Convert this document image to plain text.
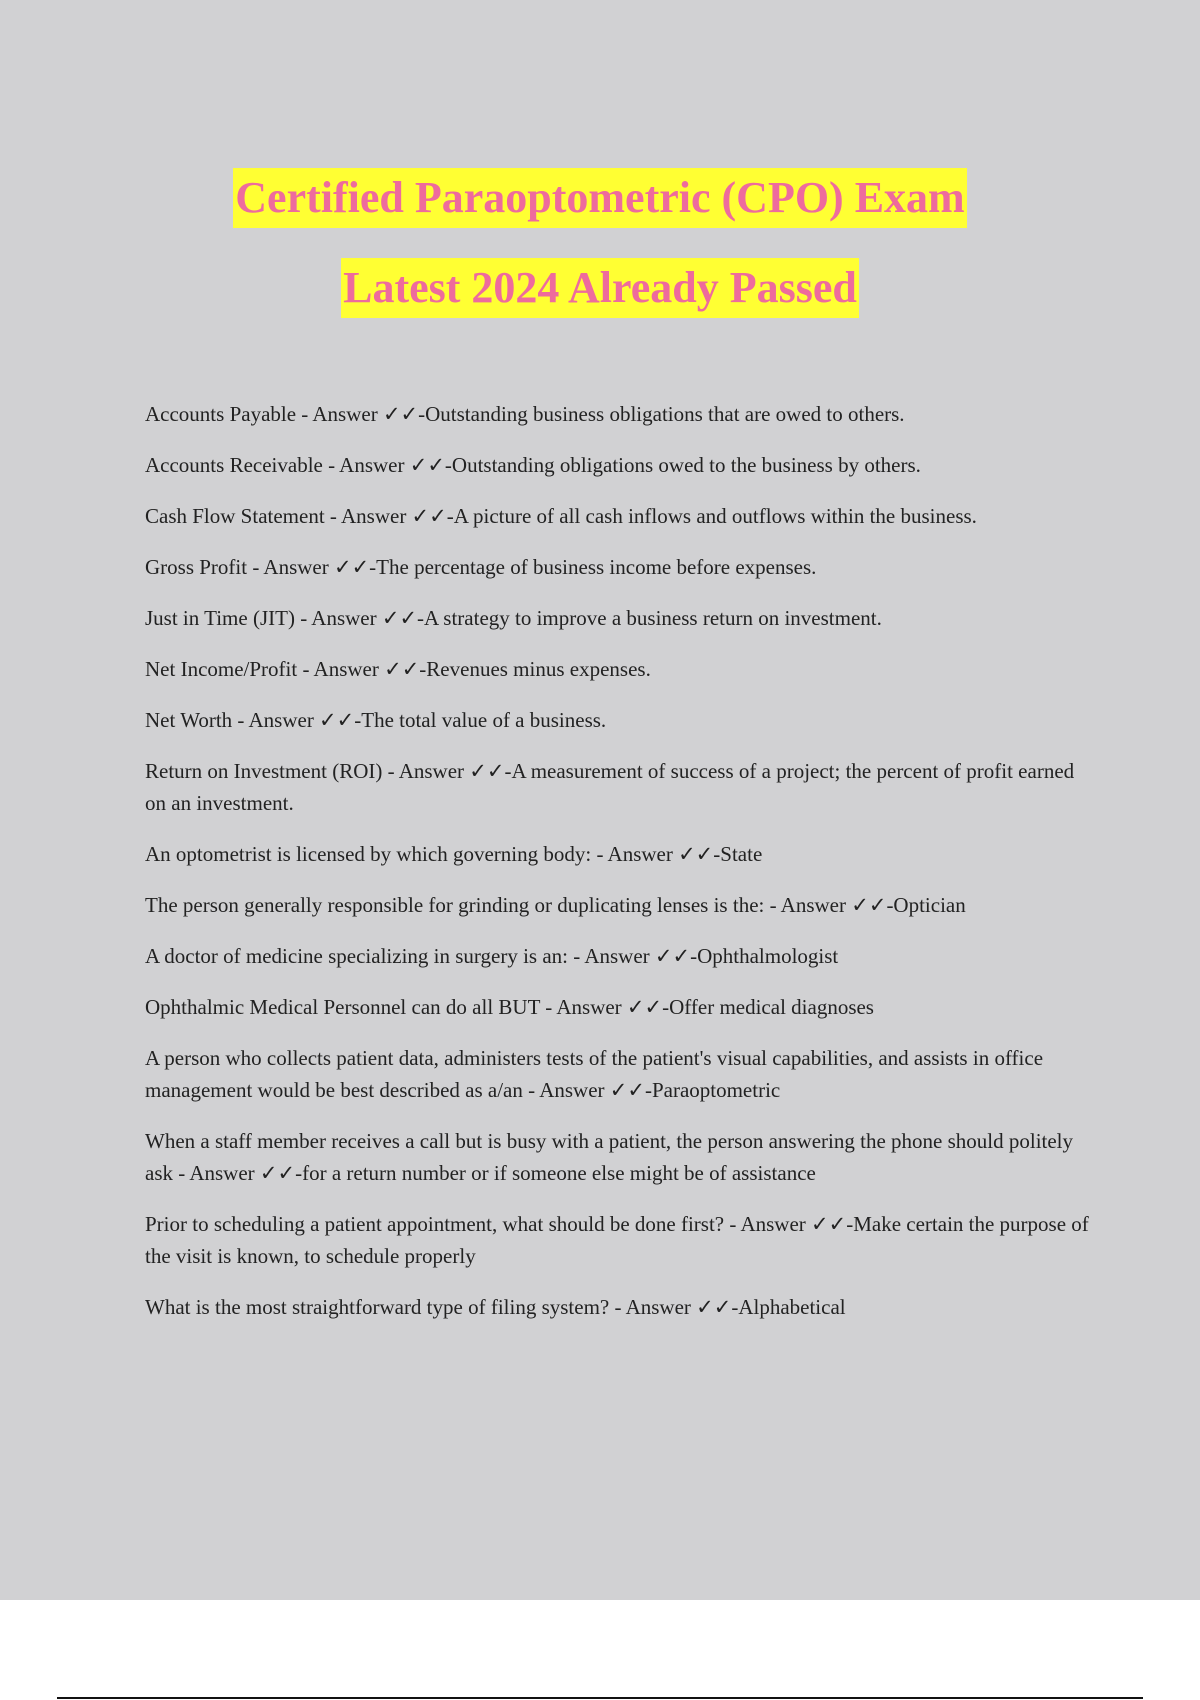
Certified Paraoptometric (CPO) Exam
Latest 2024 Already Passed
Accounts Payable - Answer ✓✓-Outstanding business obligations that are owed to others.
Accounts Receivable - Answer ✓✓-Outstanding obligations owed to the business by others.
Cash Flow Statement - Answer ✓✓-A picture of all cash inflows and outflows within the business.
Gross Profit - Answer ✓✓-The percentage of business income before expenses.
Just in Time (JIT) - Answer ✓✓-A strategy to improve a business return on investment.
Net Income/Profit - Answer ✓✓-Revenues minus expenses.
Net Worth - Answer ✓✓-The total value of a business.
Return on Investment (ROI) - Answer ✓✓-A measurement of success of a project; the percent of profit earned on an investment.
An optometrist is licensed by which governing body: - Answer ✓✓-State
The person generally responsible for grinding or duplicating lenses is the: - Answer ✓✓-Optician
A doctor of medicine specializing in surgery is an: - Answer ✓✓-Ophthalmologist
Ophthalmic Medical Personnel can do all BUT - Answer ✓✓-Offer medical diagnoses
A person who collects patient data, administers tests of the patient's visual capabilities, and assists in office management would be best described as a/an - Answer ✓✓-Paraoptometric
When a staff member receives a call but is busy with a patient, the person answering the phone should politely ask - Answer ✓✓-for a return number or if someone else might be of assistance
Prior to scheduling a patient appointment, what should be done first? - Answer ✓✓-Make certain the purpose of the visit is known, to schedule properly
What is the most straightforward type of filing system? - Answer ✓✓-Alphabetical
